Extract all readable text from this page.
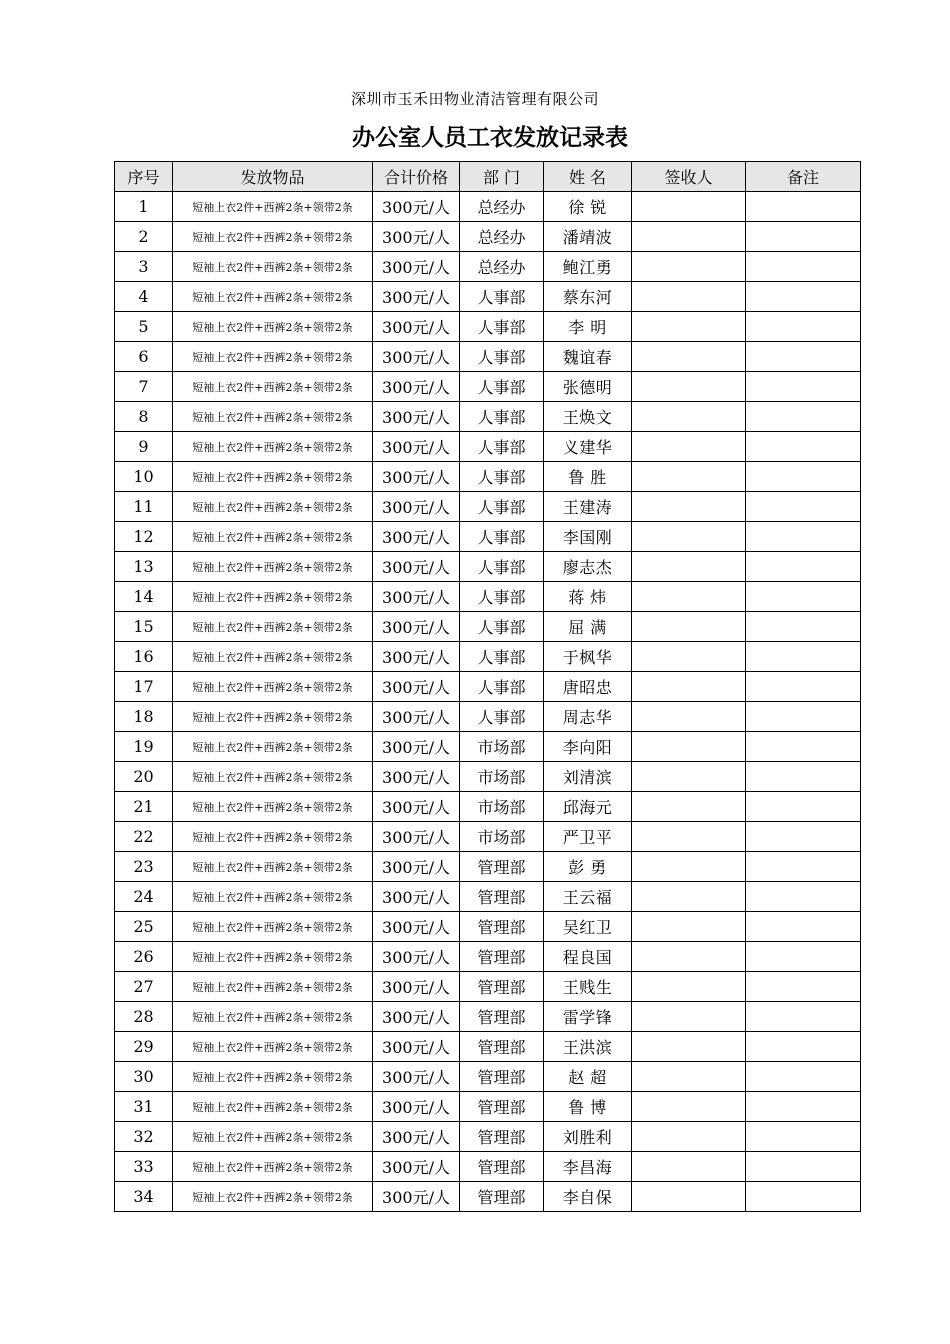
深圳市玉禾田物业清洁管理有限公司
办公室人员工衣发放记录表
序号	发放物品	合计价格	部 门	姓 名	签收人	备注
1	短袖上衣2件+西裤2条+领带2条	300元/人	总经办	徐 锐		
2	短袖上衣2件+西裤2条+领带2条	300元/人	总经办	潘靖波		
3	短袖上衣2件+西裤2条+领带2条	300元/人	总经办	鲍江勇		
4	短袖上衣2件+西裤2条+领带2条	300元/人	人事部	蔡东河		
5	短袖上衣2件+西裤2条+领带2条	300元/人	人事部	李 明		
6	短袖上衣2件+西裤2条+领带2条	300元/人	人事部	魏谊春		
7	短袖上衣2件+西裤2条+领带2条	300元/人	人事部	张德明		
8	短袖上衣2件+西裤2条+领带2条	300元/人	人事部	王焕文		
9	短袖上衣2件+西裤2条+领带2条	300元/人	人事部	义建华		
10	短袖上衣2件+西裤2条+领带2条	300元/人	人事部	鲁 胜		
11	短袖上衣2件+西裤2条+领带2条	300元/人	人事部	王建涛		
12	短袖上衣2件+西裤2条+领带2条	300元/人	人事部	李国刚		
13	短袖上衣2件+西裤2条+领带2条	300元/人	人事部	廖志杰		
14	短袖上衣2件+西裤2条+领带2条	300元/人	人事部	蒋 炜		
15	短袖上衣2件+西裤2条+领带2条	300元/人	人事部	屈 满		
16	短袖上衣2件+西裤2条+领带2条	300元/人	人事部	于枫华		
17	短袖上衣2件+西裤2条+领带2条	300元/人	人事部	唐昭忠		
18	短袖上衣2件+西裤2条+领带2条	300元/人	人事部	周志华		
19	短袖上衣2件+西裤2条+领带2条	300元/人	市场部	李向阳		
20	短袖上衣2件+西裤2条+领带2条	300元/人	市场部	刘清滨		
21	短袖上衣2件+西裤2条+领带2条	300元/人	市场部	邱海元		
22	短袖上衣2件+西裤2条+领带2条	300元/人	市场部	严卫平		
23	短袖上衣2件+西裤2条+领带2条	300元/人	管理部	彭 勇		
24	短袖上衣2件+西裤2条+领带2条	300元/人	管理部	王云福		
25	短袖上衣2件+西裤2条+领带2条	300元/人	管理部	吴红卫		
26	短袖上衣2件+西裤2条+领带2条	300元/人	管理部	程良国		
27	短袖上衣2件+西裤2条+领带2条	300元/人	管理部	王贱生		
28	短袖上衣2件+西裤2条+领带2条	300元/人	管理部	雷学锋		
29	短袖上衣2件+西裤2条+领带2条	300元/人	管理部	王洪滨		
30	短袖上衣2件+西裤2条+领带2条	300元/人	管理部	赵 超		
31	短袖上衣2件+西裤2条+领带2条	300元/人	管理部	鲁 博		
32	短袖上衣2件+西裤2条+领带2条	300元/人	管理部	刘胜利		
33	短袖上衣2件+西裤2条+领带2条	300元/人	管理部	李昌海		
34	短袖上衣2件+西裤2条+领带2条	300元/人	管理部	李自保		
